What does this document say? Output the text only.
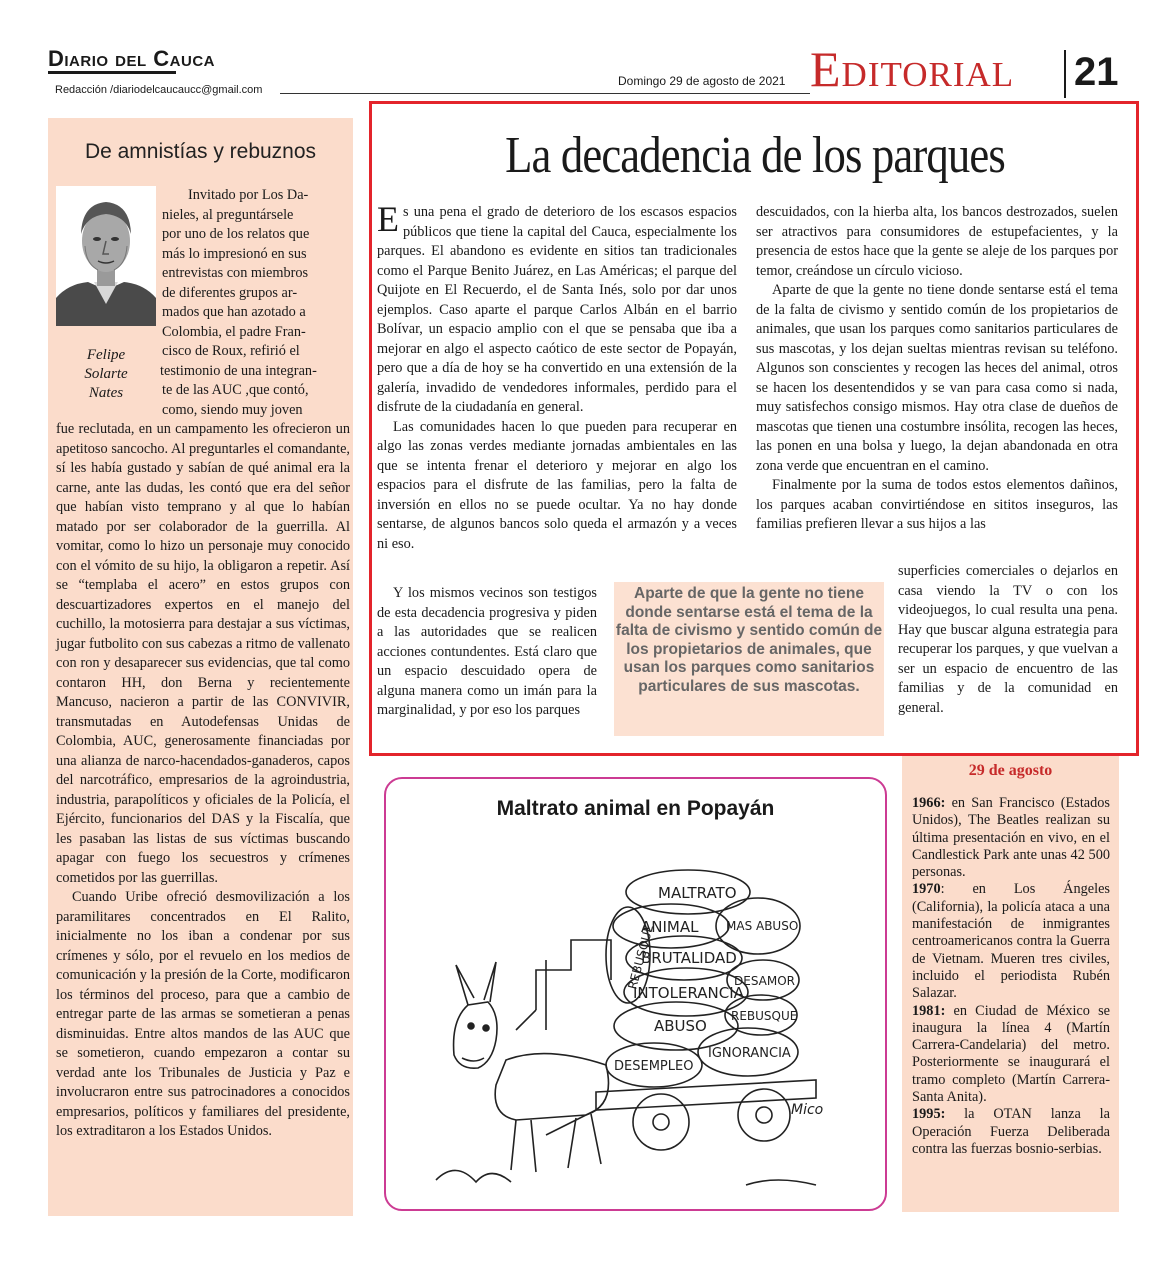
Diario del Cauca
Redacción /diariodelcaucaucc@gmail.com
Domingo 29 de agosto de 2021 Editorial 21
De amnistías y rebuznos
Felipe
Solarte
Nates
Invitado por Los Da-
nieles, al preguntársele
por uno de los relatos que
más lo impresionó en sus
entrevistas con miembros
de diferentes grupos ar-
mados que han azotado a
Colombia, el padre Fran-
cisco de Roux, refirió el
testimonio de una integran-
te de las AUC ,que contó,
como, siendo muy joven

fue reclutada, en un campamento les ofrecieron un apetitoso sancocho. Al preguntarles el comandante, sí les había gustado y sabían de qué animal era la carne, ante las dudas, les contó que era del señor que habían visto temprano y al que lo habían matado por ser colaborador de la guerrilla. Al vomitar, como lo hizo un personaje muy conocido con el vómito de su hijo, la obligaron a repetir. Así se “templaba el acero” en estos grupos con descuartizadores expertos en el manejo del cuchillo, la motosierra para destajar a sus víctimas, jugar futbolito con sus cabezas a ritmo de vallenato con ron y desaparecer sus evidencias, que tal como contaron HH, don Berna y recientemente Mancuso, nacieron a partir de las CONVIVIR, transmutadas en Autodefensas Unidas de Colombia, AUC, generosamente financiadas por una alianza de narco-hacendados-ganaderos, capos del narcotráfico, empresarios de la agroindustria, industria, parapolíticos y oficiales de la Policía, el Ejército, funcionarios del DAS y la Fiscalía, que les pasaban las listas de sus víctimas buscando apagar con fuego los secuestros y crímenes cometidos por las guerrillas.

Cuando Uribe ofreció desmovilización a los paramilitares concentrados en El Ralito, inicialmente no los iban a condenar por sus crímenes y sólo, por el revuelo en los medios de comunicación y la presión de la Corte, modificaron los términos del proceso, para que a cambio de entregar parte de las armas se sometieran a penas disminuidas. Entre altos mandos de las AUC que se sometieron, cuando empezaron a contar su verdad ante los Tribunales de Justicia y Paz e involucraron entre sus patrocinadores a conocidos empresarios, políticos y familiares del presidente, los extraditaron a los Estados Unidos.

La decadencia de los parques

Es una pena el grado de deterioro de los escasos espacios públicos que tiene la capital del Cauca, especialmente los parques. El abandono es evidente en sitios tan tradicionales como el Parque Benito Juárez, en Las Américas; el parque del Quijote en El Recuerdo, el de Santa Inés, solo por dar unos ejemplos. Caso aparte el parque Carlos Albán en el barrio Bolívar, un espacio amplio con el que se pensaba que iba a mejorar en algo el aspecto caótico de este sector de Popayán, pero que a día de hoy se ha convertido en una extensión de la galería, invadido de vendedores informales, perdido para el disfrute de la ciudadanía en general.

Las comunidades hacen lo que pueden para recuperar en algo las zonas verdes mediante jornadas ambientales en las que se intenta frenar el deterioro y mejorar en algo los espacios para el disfrute de las familias, pero la falta de inversión en ellos no se puede ocultar. Ya no hay donde sentarse, de algunos bancos solo queda el armazón y a veces ni eso.

Y los mismos vecinos son testigos de esta decadencia progresiva y piden a las autoridades que se realicen acciones contundentes. Está claro que un espacio descuidado opera de alguna manera como un imán para la marginalidad, y por eso los parques

descuidados, con la hierba alta, los bancos destrozados, suelen ser atractivos para consumidores de estupefacientes, y la presencia de estos hace que la gente se aleje de los parques por temor, creándose un círculo vicioso.

Aparte de que la gente no tiene donde sentarse está el tema de la falta de civismo y sentido común de los propietarios de animales, que usan los parques como sanitarios particulares de sus mascotas, y los dejan sueltas mientras revisan su teléfono. Algunos son conscientes y recogen las heces del animal, otros se hacen los desentendidos y se van para casa como si nada, muy satisfechos consigo mismos. Hay otra clase de dueños de mascotas que tienen una costumbre insólita, recogen las heces, las ponen en una bolsa y luego, la dejan abandonada en otra zona verde que encuentran en el camino.

Finalmente por la suma de todos estos elementos dañinos, los parques acaban convirtiéndose en sititos inseguros, las familias prefieren llevar a sus hijos a las

superficies comerciales o dejarlos en casa viendo la TV o con los videojuegos, lo cual resulta una pena. Hay que buscar alguna estrategia para recuperar los parques, y que vuelvan a ser un espacio de encuentro de las familias y de la comunidad en general.

Aparte de que la gente no tiene donde sentarse está el tema de la falta de civismo y sentido común de los propietarios de animales, que usan los parques como sanitarios particulares de sus mascotas.
Maltrato animal en Popayán
MALTRATO
ANIMAL MAS ABUSO
REBUSQUE
BRUTALIDAD
INTOLERANCIA
DESAMOR
ABUSO
REBUSQUE
DESEMPLEO
IGNORANCIA
Mico
29 de agosto

1966: en San Francisco (Estados Unidos), The Beatles realizan su última presentación en vivo, en el Candlestick Park ante unas 42 500 personas.

1970: en Los Ángeles (California), la policía ataca a una manifestación de inmigrantes centroamericanos contra la Guerra de Vietnam. Mueren tres civiles, incluido el periodista Rubén Salazar.

1981: en Ciudad de México se inaugura la línea 4 (Martín Carrera-Candelaria) del metro. Posteriormente se inaugurará el tramo completo (Martín Carrera-Santa Anita).

1995: la OTAN lanza la Operación Fuerza Deliberada contra las fuerzas bosnio-serbias.
